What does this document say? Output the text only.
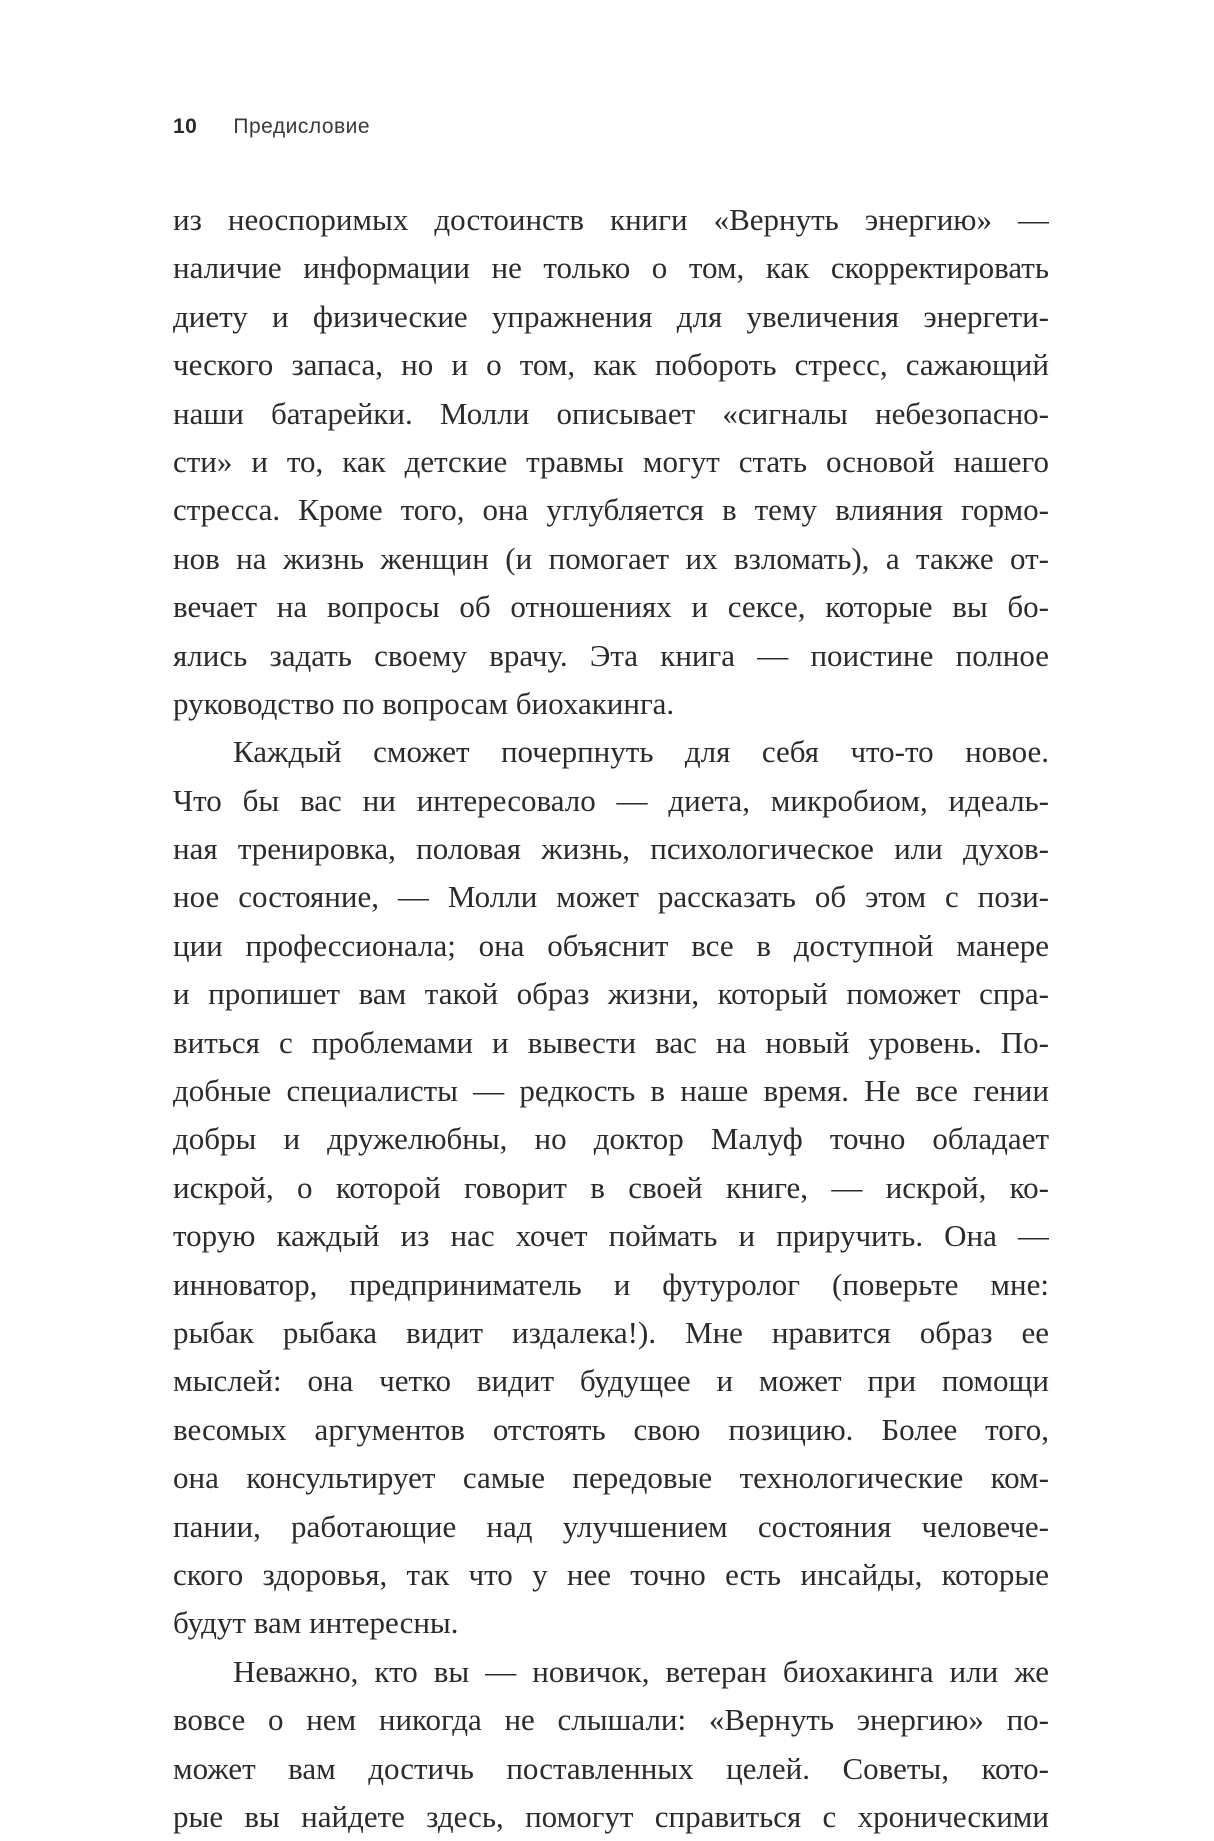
10 Предисловие
из неоспоримых достоинств книги «Вернуть энергию» —
наличие информации не только о том, как скорректировать
диету и физические упражнения для увеличения энергети-
ческого запаса, но и о том, как побороть стресс, сажающий
наши батарейки. Молли описывает «сигналы небезопасно-
сти» и то, как детские травмы могут стать основой нашего
стресса. Кроме того, она углубляется в тему влияния гормо-
нов на жизнь женщин (и помогает их взломать), а также от-
вечает на вопросы об отношениях и сексе, которые вы бо-
ялись задать своему врачу. Эта книга — поистине полное
руководство по вопросам биохакинга.
Каждый сможет почерпнуть для себя что-то новое.
Что бы вас ни интересовало — диета, микробиом, идеаль-
ная тренировка, половая жизнь, психологическое или духов-
ное состояние, — Молли может рассказать об этом с пози-
ции профессионала; она объяснит все в доступной манере
и пропишет вам такой образ жизни, который поможет спра-
виться с проблемами и вывести вас на новый уровень. По-
добные специалисты — редкость в наше время. Не все гении
добры и дружелюбны, но доктор Малуф точно обладает
искрой, о которой говорит в своей книге, — искрой, ко-
торую каждый из нас хочет поймать и приручить. Она —
инноватор, предприниматель и футуролог (поверьте мне:
рыбак рыбака видит издалека!). Мне нравится образ ее
мыслей: она четко видит будущее и может при помощи
весомых аргументов отстоять свою позицию. Более того,
она консультирует самые передовые технологические ком-
пании, работающие над улучшением состояния человече-
ского здоровья, так что у нее точно есть инсайды, которые
будут вам интересны.
Неважно, кто вы — новичок, ветеран биохакинга или же
вовсе о нем никогда не слышали: «Вернуть энергию» по-
может вам достичь поставленных целей. Советы, кото-
рые вы найдете здесь, помогут справиться с хроническими
